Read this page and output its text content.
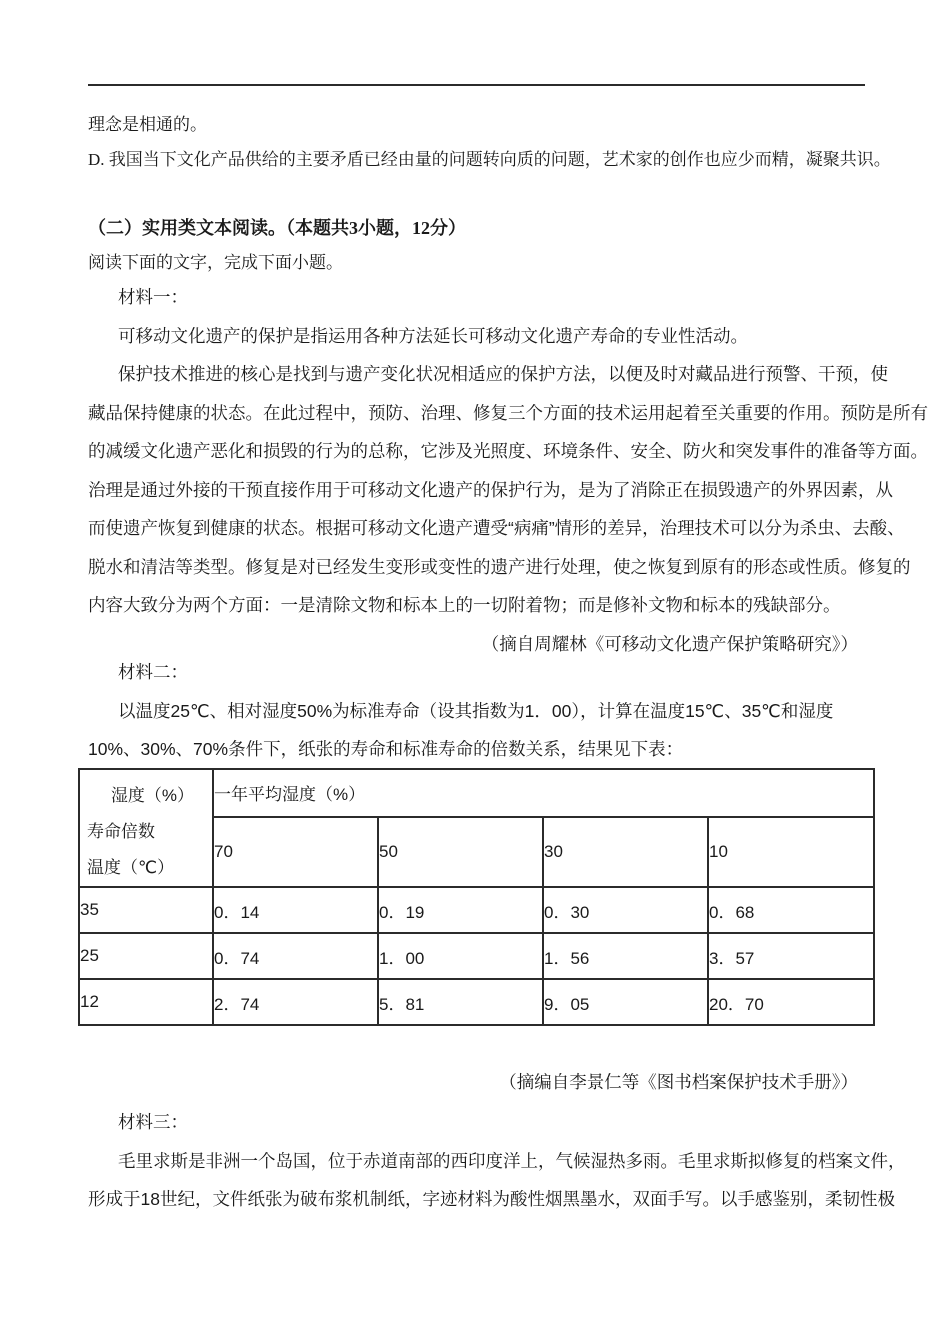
理念是相通的。
D. 我国当下文化产品供给的主要矛盾已经由量的问题转向质的问题，艺术家的创作也应少而精，凝聚共识。
（二）实用类文本阅读。（本题共3小题，12分）
阅读下面的文字，完成下面小题。
材料一：
可移动文化遗产的保护是指运用各种方法延长可移动文化遗产寿命的专业性活动。
保护技术推进的核心是找到与遗产变化状况相适应的保护方法，以便及时对藏品进行预警、干预，使
藏品保持健康的状态。在此过程中，预防、治理、修复三个方面的技术运用起着至关重要的作用。预防是所有
的减缓文化遗产恶化和损毁的行为的总称，它涉及光照度、环境条件、安全、防火和突发事件的准备等方面。
治理是通过外接的干预直接作用于可移动文化遗产的保护行为，是为了消除正在损毁遗产的外界因素，从
而使遗产恢复到健康的状态。根据可移动文化遗产遭受“病痛”情形的差异，治理技术可以分为杀虫、去酸、
脱水和清洁等类型。修复是对已经发生变形或变性的遗产进行处理，使之恢复到原有的形态或性质。修复的
内容大致分为两个方面：一是清除文物和标本上的一切附着物；而是修补文物和标本的残缺部分。
（摘自周耀林《可移动文化遗产保护策略研究》）
材料二：
以温度25℃、相对湿度50%为标准寿命（设其指数为1．00），计算在温度15℃、35℃和湿度
10%、30%、70%条件下，纸张的寿命和标准寿命的倍数关系，结果见下表：
湿度（%）
寿命倍数
温度（℃）	一年平均湿度（%）			
	70	50	30	10
35	0．14	0．19	0．30	0．68
25	0．74	1．00	1．56	3．57
12	2．74	5．81	9．05	20．70
（摘编自李景仁等《图书档案保护技术手册》）
材料三：
毛里求斯是非洲一个岛国，位于赤道南部的西印度洋上，气候湿热多雨。毛里求斯拟修复的档案文件，
形成于18世纪，文件纸张为破布浆机制纸，字迹材料为酸性烟黑墨水，双面手写。以手感鉴别，柔韧性极
